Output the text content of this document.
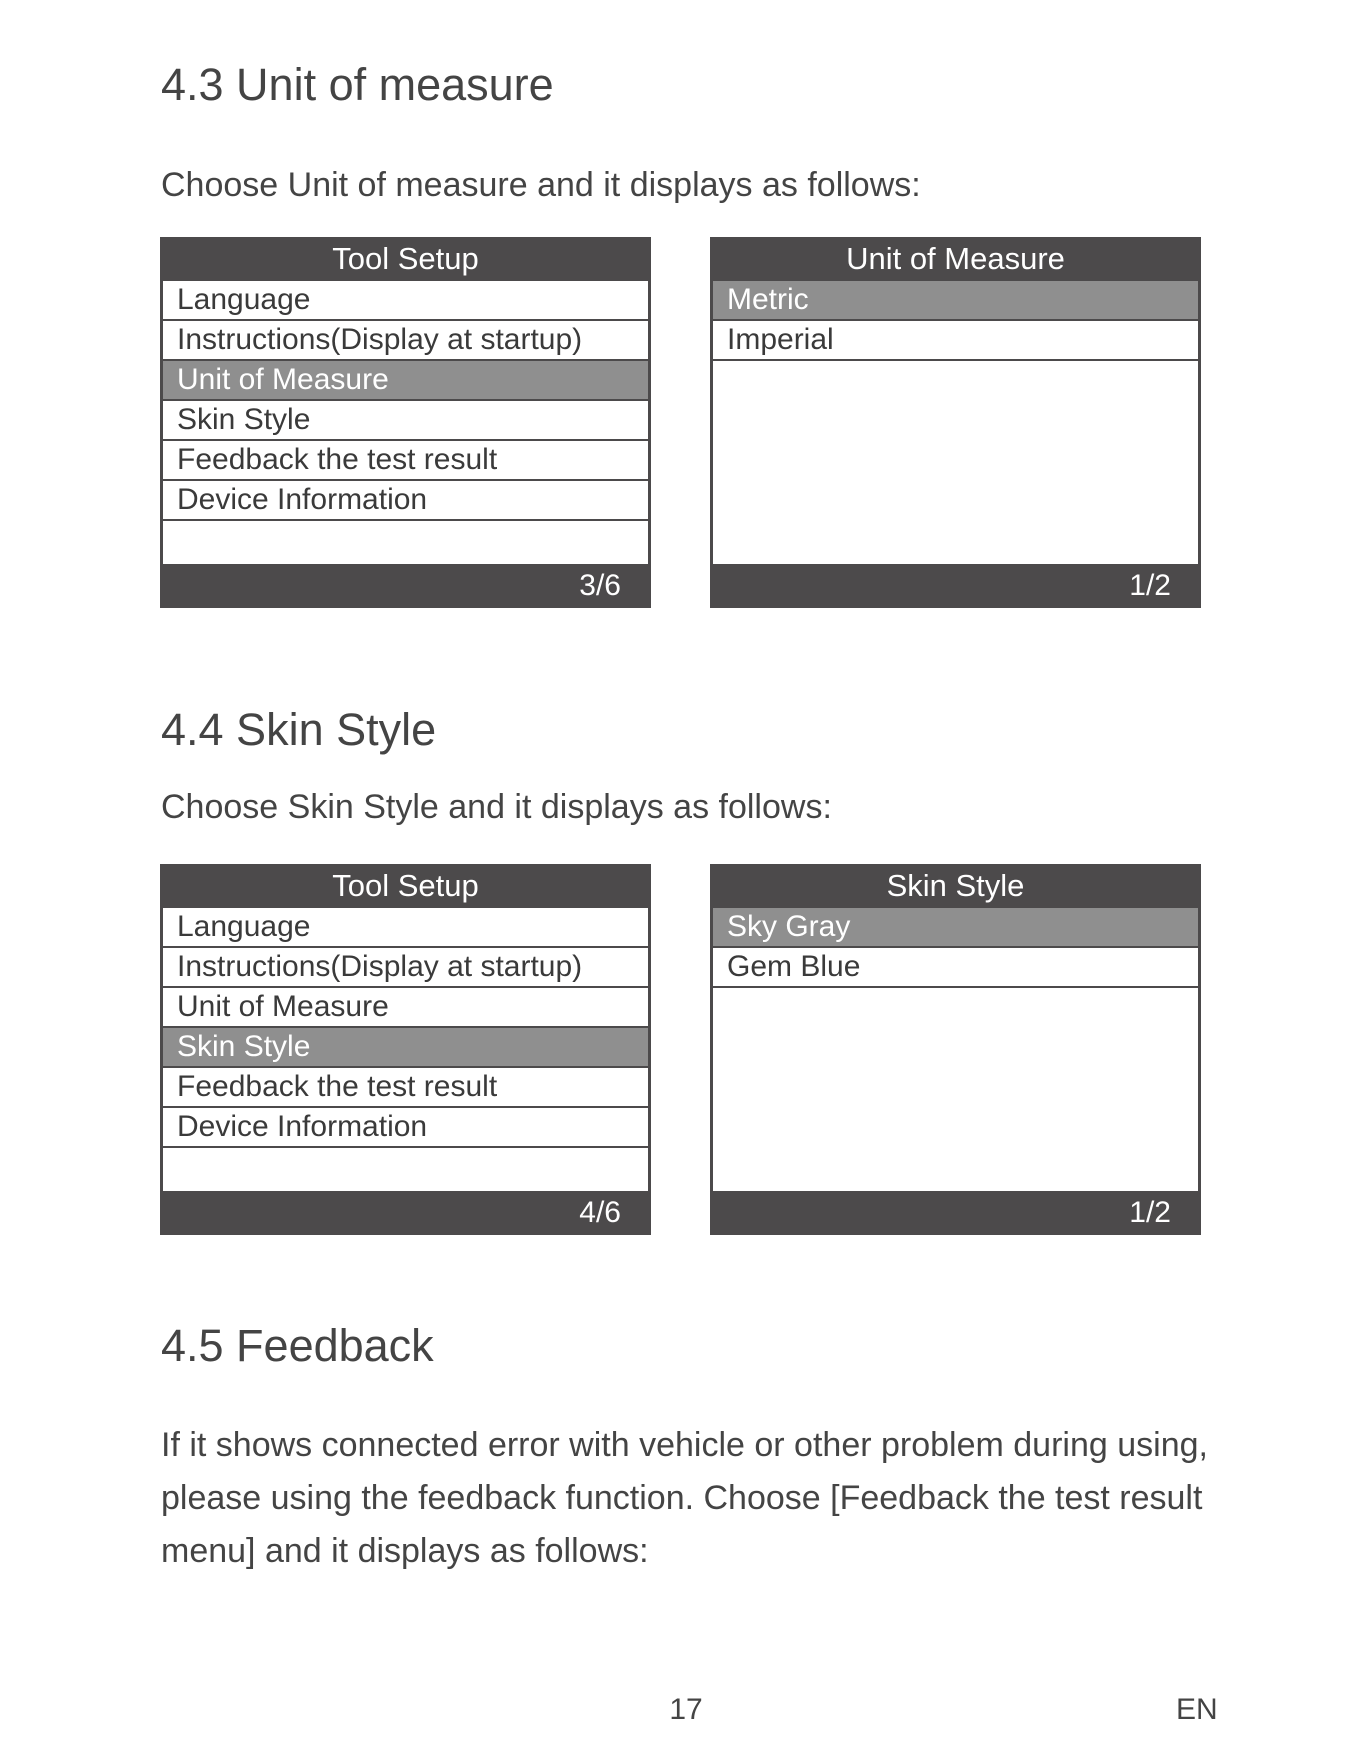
4.3 Unit of measure

Choose Unit of measure and it displays as follows:

Tool Setup
Language
Instructions(Display at startup)
Unit of Measure
Skin Style
Feedback the test result
Device Information
3/6
Unit of Measure
Metric
Imperial
1/2
4.4 Skin Style

Choose Skin Style and it displays as follows:

Tool Setup
Language
Instructions(Display at startup)
Unit of Measure
Skin Style
Feedback the test result
Device Information
4/6
Skin Style
Sky Gray
Gem Blue
1/2
4.5 Feedback

If it shows connected error with vehicle or other problem during using, please using the feedback function. Choose [Feedback the test result menu] and it displays as follows:

17	EN
